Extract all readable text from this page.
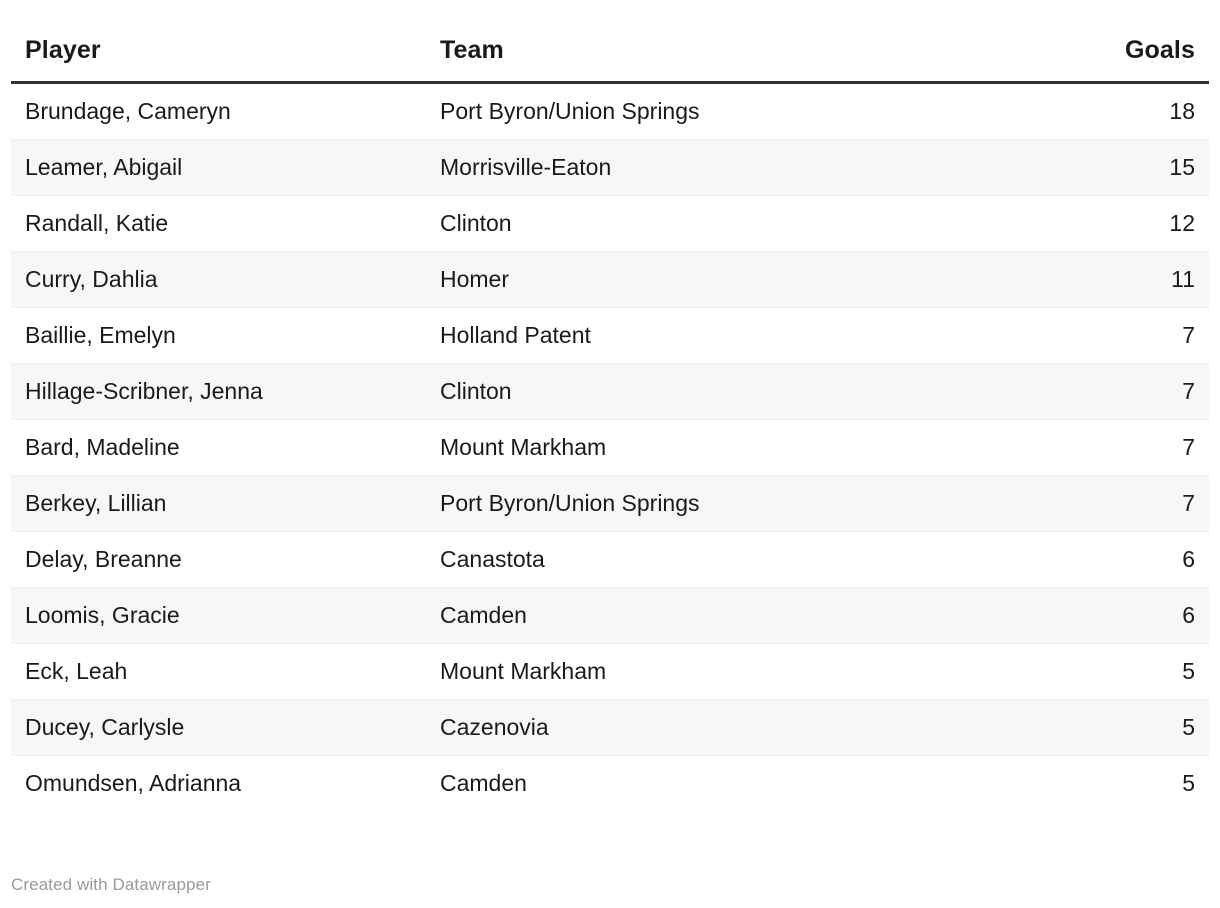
Player	Team	Goals
Brundage, Cameryn	Port Byron/Union Springs	18
Leamer, Abigail	Morrisville-Eaton	15
Randall, Katie	Clinton	12
Curry, Dahlia	Homer	11
Baillie, Emelyn	Holland Patent	7
Hillage-Scribner, Jenna	Clinton	7
Bard, Madeline	Mount Markham	7
Berkey, Lillian	Port Byron/Union Springs	7
Delay, Breanne	Canastota	6
Loomis, Gracie	Camden	6
Eck, Leah	Mount Markham	5
Ducey, Carlysle	Cazenovia	5
Omundsen, Adrianna	Camden	5
Created with Datawrapper
